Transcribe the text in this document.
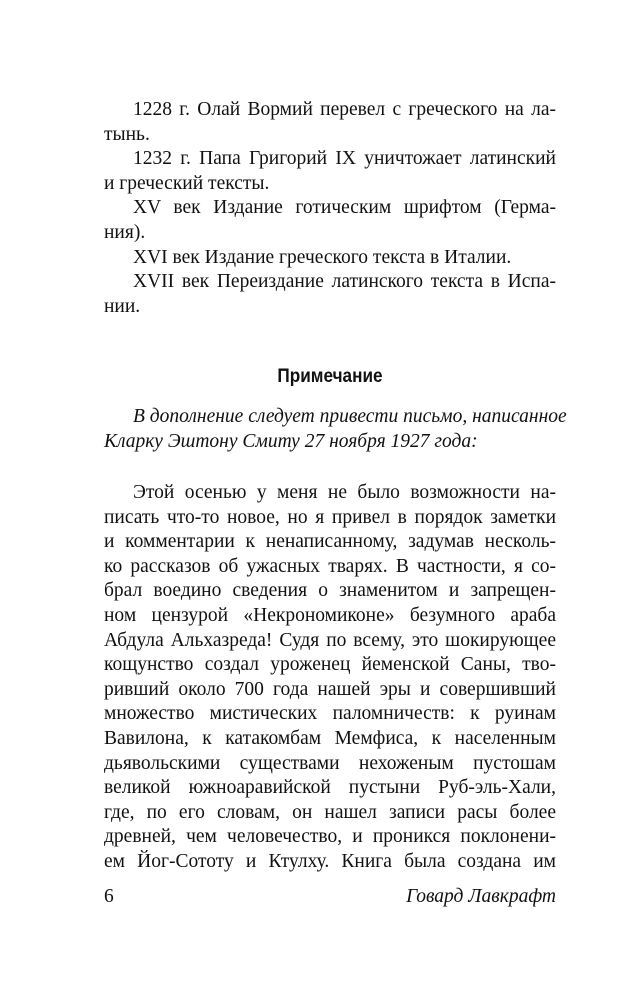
1228 г. Олай Вормий перевел с греческого на ла-
тынь.
1232 г. Папа Григорий IX уничтожает латинский
и греческий тексты.
XV век Издание готическим шрифтом (Герма-
ния).
XVI век Издание греческого текста в Италии.
XVII век Переиздание латинского текста в Испа-
нии.
Примечание
В дополнение следует привести письмо, написанное
Кларку Эштону Смиту 27 ноября 1927 года:
Этой осенью у меня не было возможности на-
писать что-то новое, но я привел в порядок заметки
и комментарии к ненаписанному, задумав несколь-
ко рассказов об ужасных тварях. В частности, я со-
брал воедино сведения о знаменитом и запрещен-
ном цензурой «Некрономиконе» безумного араба
Абдула Альхазреда! Судя по всему, это шокирующее
кощунство создал уроженец йеменской Саны, тво-
ривший около 700 года нашей эры и совершивший
множество мистических паломничеств: к руинам
Вавилона, к катакомбам Мемфиса, к населенным
дьявольскими существами нехоженым пустошам
великой южноаравийской пустыни Руб-эль-Хали,
где, по его словам, он нашел записи расы более
древней, чем человечество, и проникся поклонени-
ем Йог-Сототу и Ктулху. Книга была создана им
6	Говард Лавкрафт
